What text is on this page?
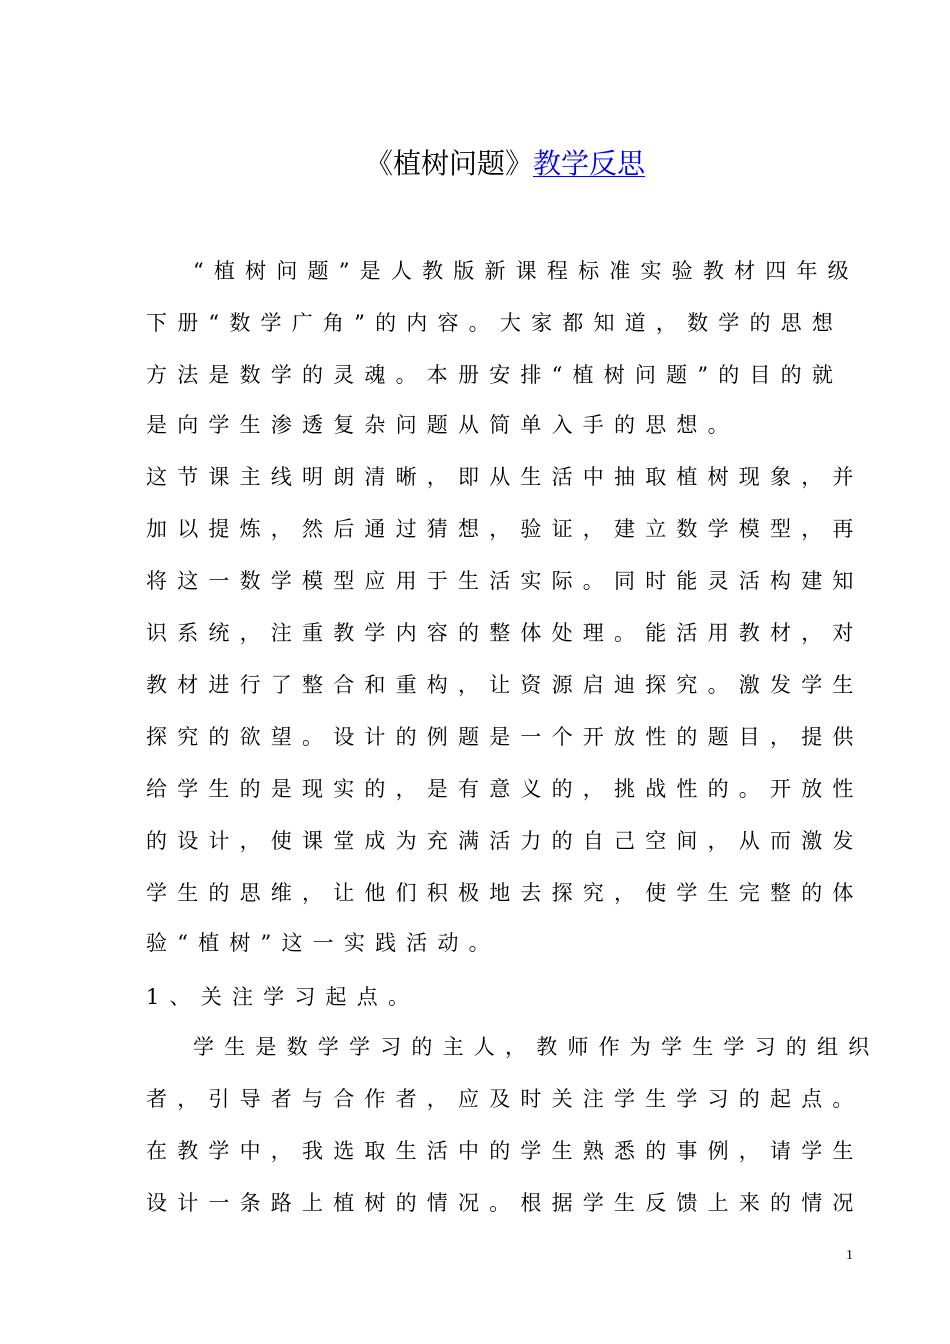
《植树问题》教学反思
“植树问题”是人教版新课程标准实验教材四年级
下册“数学广角”的内容。大家都知道，数学的思想
方法是数学的灵魂。本册安排“植树问题”的目的就
是向学生渗透复杂问题从简单入手的思想。
这节课主线明朗清晰，即从生活中抽取植树现象，并
加以提炼，然后通过猜想，验证，建立数学模型，再
将这一数学模型应用于生活实际。同时能灵活构建知
识系统，注重教学内容的整体处理。能活用教材，对
教材进行了整合和重构，让资源启迪探究。激发学生
探究的欲望。设计的例题是一个开放性的题目，提供
给学生的是现实的，是有意义的，挑战性的。开放性
的设计，使课堂成为充满活力的自己空间，从而激发
学生的思维，让他们积极地去探究，使学生完整的体
验“植树”这一实践活动。
1、关注学习起点。
学生是数学学习的主人，教师作为学生学习的组织
者，引导者与合作者，应及时关注学生学习的起点。
在教学中，我选取生活中的学生熟悉的事例，请学生
设计一条路上植树的情况。根据学生反馈上来的情况
1
